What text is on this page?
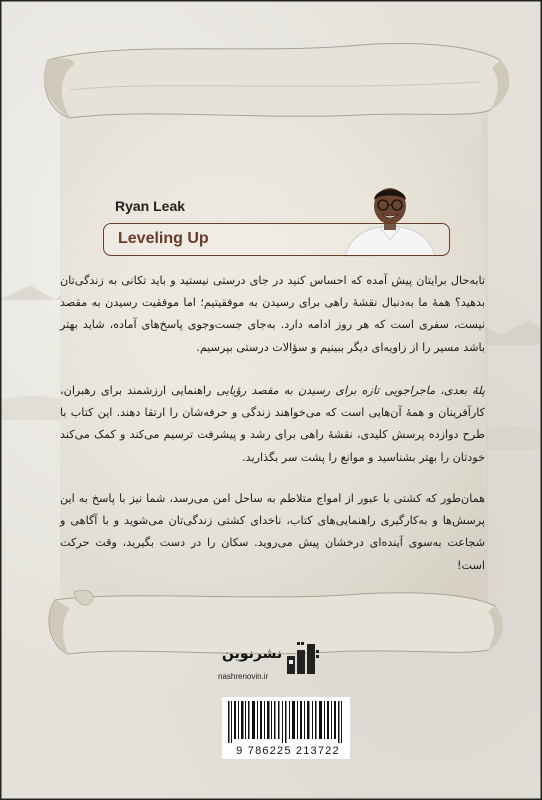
Ryan Leak
Leveling Up
تابه‌حال برایتان پیش آمده که احساس کنید در جای درستی نیستید و باید تکانی به زندگی‌تان بدهید؟ همهٔ ما به‌دنبال نقشهٔ راهی برای رسیدن به موفقیتیم؛ اما موفقیت رسیدن به مقصد نیست، سفری است که هر روز ادامه دارد. به‌جای جست‌وجوی پاسخ‌های آماده، شاید بهتر باشد مسیر را از زاویه‌ای دیگر ببینیم و سؤالات درستی بپرسیم.
پلهٔ بعدی، ماجراجویی تازه برای رسیدن به مقصد رؤیایی راهنمایی ارزشمند برای رهبران، کارآفرینان و همهٔ آن‌هایی است که می‌خواهند زندگی و حرفه‌شان را ارتقا دهند. این کتاب با طرح دوازده پرسش کلیدی، نقشهٔ راهی برای رشد و پیشرفت ترسیم می‌کند و کمک می‌کند خودتان را بهتر بشناسید و موانع را پشت سر بگذارید.
همان‌طور که کشتی با عبور از امواج متلاطم به ساحل امن می‌رسد، شما نیز با پاسخ به این پرسش‌ها و به‌کارگیری راهنمایی‌های کتاب، ناخدای کشتی زندگی‌تان می‌شوید و با آگاهی و شجاعت به‌سوی آینده‌ای درخشان پیش می‌روید. سکان را در دست بگیرید، وقت حرکت است!
نشرنوین
nashrenovin.ir
9 786225 213722
